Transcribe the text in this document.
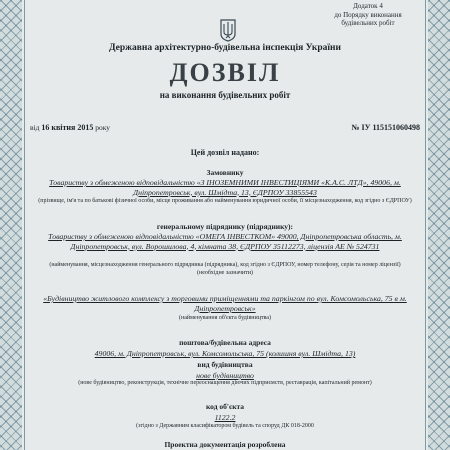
Додаток 4
до Порядку виконання
будівельних робіт
Державна архітектурно-будівельна інспекція України
ДОЗВІЛ
на виконання будівельних робіт
від 16 квітня 2015 року	№ ІУ 115151060498
Цей дозвіл надано:
Замовнику
Товариству з обмеженою відповідальністю «З ІНОЗЕМНИМИ ІНВЕСТИЦІЯМИ «К.А.С. ЛТД», 49006, м. Дніпропетровськ, вул. Шмідта, 13, ЄДРПОУ 33855543
(прізвище, ім'я та по батькові фізичної особи, місце проживання або найменування юридичної особи, її місцезнаходження, код згідно з ЄДРПОУ)
генеральному підряднику (підряднику):
Товариству з обмеженою відповідальністю «ОМЕГА ІНВЕСТКОМ» 49000, Дніпропетровська область, м. Дніпропетровськ, вул. Ворошилова, 4, кімната 38, ЄДРПОУ 35112273, ліцензія АЕ № 524731
(найменування, місцезнаходження генерального підрядника (підрядника), код згідно з ЄДРПОУ, номер телефону, серія та номер ліцензії) (необхідне зазначити)
«Будівництво житлового комплексу з торговими приміщеннями та паркінгом по вул. Комсомольська, 75 в м. Дніпропетровськ»
(найменування об'єкта будівництва)
поштова/будівельна адреса
49006, м. Дніпропетровськ, вул. Комсомольська, 75 (колишня вул. Шмідта, 13)
вид будівництва
нове будівництво
(нове будівництво, реконструкція, технічне переоснащення діючих підприємств, реставрація, капітальний ремонт)
код об'єкта
1122.2
(згідно з Державним класифікатором будівель та споруд ДК 018-2000
Проектна документація розроблена
